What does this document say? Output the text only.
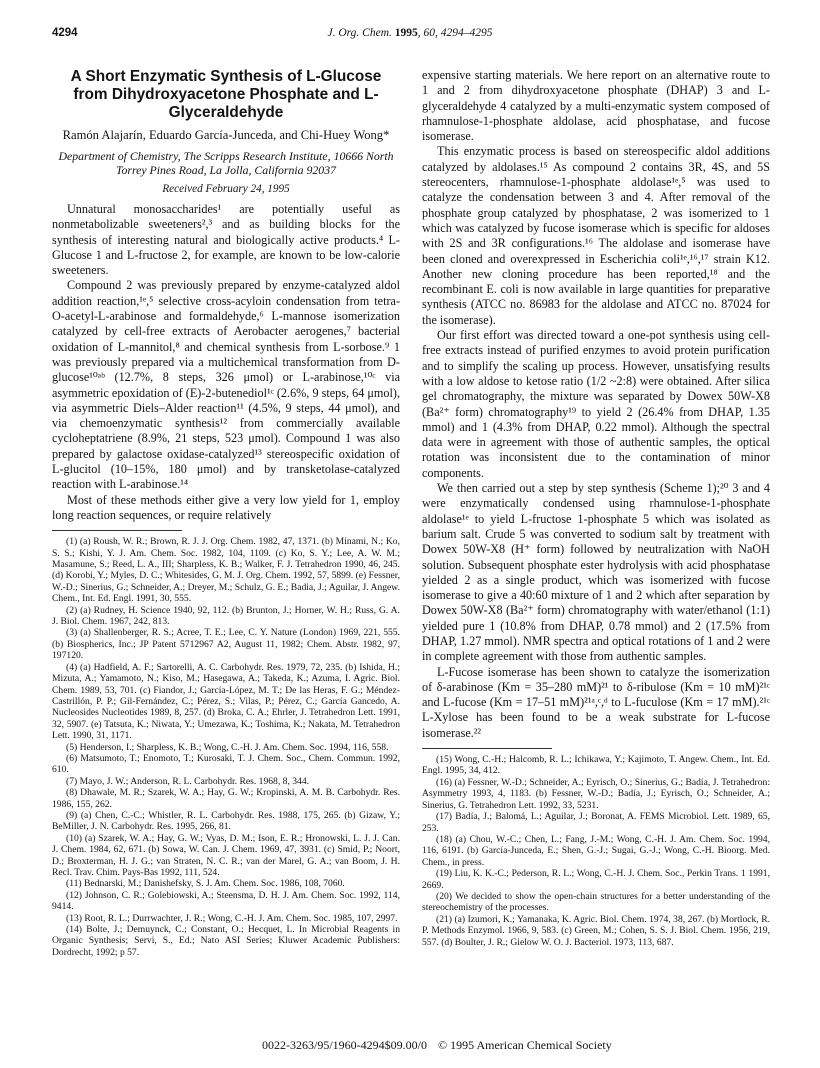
4294	J. Org. Chem. 1995, 60, 4294–4295
A Short Enzymatic Synthesis of L-Glucose from Dihydroxyacetone Phosphate and L-Glyceraldehyde
Ramón Alajarín, Eduardo García-Junceda, and Chi-Huey Wong*
Department of Chemistry, The Scripps Research Institute, 10666 North Torrey Pines Road, La Jolla, California 92037
Received February 24, 1995

Unnatural monosaccharides¹ are potentially useful as nonmetabolizable sweeteners²,³ and as building blocks for the synthesis of interesting natural and biologically active products.⁴ L-Glucose 1 and L-fructose 2, for example, are known to be low-calorie sweeteners.

Compound 2 was previously prepared by enzyme-catalyzed aldol addition reaction,¹ᵉ,⁵ selective cross-acyloin condensation from tetra-O-acetyl-L-arabinose and formaldehyde,⁶ L-mannose isomerization catalyzed by cell-free extracts of Aerobacter aerogenes,⁷ bacterial oxidation of L-mannitol,⁸ and chemical synthesis from L-sorbose.⁹ 1 was previously prepared via a multichemical transformation from D-glucose¹⁰ᵃᵇ (12.7%, 8 steps, 326 μmol) or L-arabinose,¹⁰ᶜ via asymmetric epoxidation of (E)-2-butenediol¹ᶜ (2.6%, 9 steps, 64 μmol), via asymmetric Diels–Alder reaction¹¹ (4.5%, 9 steps, 44 μmol), and via chemoenzymatic synthesis¹² from commercially available cycloheptatriene (8.9%, 21 steps, 523 μmol). Compound 1 was also prepared by galactose oxidase-catalyzed¹³ stereospecific oxidation of L-glucitol (10–15%, 180 μmol) and by transketolase-catalyzed reaction with L-arabinose.¹⁴

Most of these methods either give a very low yield for 1, employ long reaction sequences, or require relatively

(1) (a) Roush, W. R.; Brown, R. J. J. Org. Chem. 1982, 47, 1371. (b) Minami, N.; Ko, S. S.; Kishi, Y. J. Am. Chem. Soc. 1982, 104, 1109. (c) Ko, S. Y.; Lee, A. W. M.; Masamune, S.; Reed, L. A., III; Sharpless, K. B.; Walker, F. J. Tetrahedron 1990, 46, 245. (d) Korobi, Y.; Myles, D. C.; Whitesides, G. M. J. Org. Chem. 1992, 57, 5899. (e) Fessner, W.-D.; Sinerius, G.; Schneider, A.; Dreyer, M.; Schulz, G. E.; Badia, J.; Aguilar, J. Angew. Chem., Int. Ed. Engl. 1991, 30, 555.

(2) (a) Rudney, H. Science 1940, 92, 112. (b) Brunton, J.; Horner, W. H.; Russ, G. A. J. Biol. Chem. 1967, 242, 813.

(3) (a) Shallenberger, R. S.; Acree, T. E.; Lee, C. Y. Nature (London) 1969, 221, 555. (b) Biospherics, Inc.; JP Patent 5712967 A2, August 11, 1982; Chem. Abstr. 1982, 97, 197120.

(4) (a) Hadfield, A. F.; Sartorelli, A. C. Carbohydr. Res. 1979, 72, 235. (b) Ishida, H.; Mizuta, A.; Yamamoto, N.; Kiso, M.; Hasegawa, A.; Takeda, K.; Azuma, I. Agric. Biol. Chem. 1989, 53, 701. (c) Fiandor, J.; García-López, M. T.; De las Heras, F. G.; Méndez-Castrillón, P. P.; Gil-Fernández, C.; Pérez, S.; Vilas, P.; Pérez, C.; García Gancedo, A. Nucleosides Nucleotides 1989, 8, 257. (d) Broka, C. A.; Ehrler, J. Tetrahedron Lett. 1991, 32, 5907. (e) Tatsuta, K.; Niwata, Y.; Umezawa, K.; Toshima, K.; Nakata, M. Tetrahedron Lett. 1990, 31, 1171.

(5) Henderson, I.; Sharpless, K. B.; Wong, C.-H. J. Am. Chem. Soc. 1994, 116, 558.

(6) Matsumoto, T.; Enomoto, T.; Kurosaki, T. J. Chem. Soc., Chem. Commun. 1992, 610.

(7) Mayo, J. W.; Anderson, R. L. Carbohydr. Res. 1968, 8, 344.

(8) Dhawale, M. R.; Szarek, W. A.; Hay, G. W.; Kropinski, A. M. B. Carbohydr. Res. 1986, 155, 262.

(9) (a) Chen, C.-C.; Whistler, R. L. Carbohydr. Res. 1988, 175, 265. (b) Gizaw, Y.; BeMiller, J. N. Carbohydr. Res. 1995, 266, 81.

(10) (a) Szarek, W. A.; Hay, G. W.; Vyas, D. M.; Ison, E. R.; Hronowski, L. J. J. Can. J. Chem. 1984, 62, 671. (b) Sowa, W. Can. J. Chem. 1969, 47, 3931. (c) Smid, P.; Noort, D.; Broxterman, H. J. G.; van Straten, N. C. R.; van der Marel, G. A.; van Boom, J. H. Recl. Trav. Chim. Pays-Bas 1992, 111, 524.

(11) Bednarski, M.; Danishefsky, S. J. Am. Chem. Soc. 1986, 108, 7060.

(12) Johnson, C. R.; Golebiowski, A.; Steensma, D. H. J. Am. Chem. Soc. 1992, 114, 9414.

(13) Root, R. L.; Durrwachter, J. R.; Wong, C.-H. J. Am. Chem. Soc. 1985, 107, 2997.

(14) Bolte, J.; Demuynck, C.; Constant, O.; Hecquet, L. In Microbial Reagents in Organic Synthesis; Servi, S., Ed.; Nato ASI Series; Kluwer Academic Publishers: Dordrecht, 1992; p 57.

expensive starting materials. We here report on an alternative route to 1 and 2 from dihydroxyacetone phosphate (DHAP) 3 and L-glyceraldehyde 4 catalyzed by a multi-enzymatic system composed of rhamnulose-1-phosphate aldolase, acid phosphatase, and fucose isomerase.

This enzymatic process is based on stereospecific aldol additions catalyzed by aldolases.¹⁵ As compound 2 contains 3R, 4S, and 5S stereocenters, rhamnulose-1-phosphate aldolase¹ᵉ,⁵ was used to catalyze the condensation between 3 and 4. After removal of the phosphate group catalyzed by phosphatase, 2 was isomerized to 1 which was catalyzed by fucose isomerase which is specific for aldoses with 2S and 3R configurations.¹⁶ The aldolase and isomerase have been cloned and overexpressed in Escherichia coli¹ᵉ,¹⁶,¹⁷ strain K12. Another new cloning procedure has been reported,¹⁸ and the recombinant E. coli is now available in large quantities for preparative synthesis (ATCC no. 86983 for the aldolase and ATCC no. 87024 for the isomerase).

Our first effort was directed toward a one-pot synthesis using cell-free extracts instead of purified enzymes to avoid protein purification and to simplify the scaling up process. However, unsatisfying results with a low aldose to ketose ratio (1/2 ~2:8) were obtained. After silica gel chromatography, the mixture was separated by Dowex 50W-X8 (Ba²⁺ form) chromatography¹⁹ to yield 2 (26.4% from DHAP, 1.35 mmol) and 1 (4.3% from DHAP, 0.22 mmol). Although the spectral data were in agreement with those of authentic samples, the optical rotation was inconsistent due to the contamination of minor components.

We then carried out a step by step synthesis (Scheme 1);²⁰ 3 and 4 were enzymatically condensed using rhamnulose-1-phosphate aldolase¹ᵉ to yield L-fructose 1-phosphate 5 which was isolated as barium salt. Crude 5 was converted to sodium salt by treatment with Dowex 50W-X8 (H⁺ form) followed by neutralization with NaOH solution. Subsequent phosphate ester hydrolysis with acid phosphatase yielded 2 as a single product, which was isomerized with fucose isomerase to give a 40:60 mixture of 1 and 2 which after separation by Dowex 50W-X8 (Ba²⁺ form) chromatography with water/ethanol (1:1) yielded pure 1 (10.8% from DHAP, 0.78 mmol) and 2 (17.5% from DHAP, 1.27 mmol). NMR spectra and optical rotations of 1 and 2 were in complete agreement with those from authentic samples.

L-Fucose isomerase has been shown to catalyze the isomerization of δ-arabinose (Km = 35–280 mM)²¹ to δ-ribulose (Km = 10 mM)²¹ᶜ and L-fucose (Km = 17–51 mM)²¹ᵃ,ᶜ,ᵈ to L-fuculose (Km = 17 mM).²¹ᶜ L-Xylose has been found to be a weak substrate for L-fucose isomerase.²²

(15) Wong, C.-H.; Halcomb, R. L.; Ichikawa, Y.; Kajimoto, T. Angew. Chem., Int. Ed. Engl. 1995, 34, 412.

(16) (a) Fessner, W.-D.; Schneider, A.; Eyrisch, O.; Sinerius, G.; Badía, J. Tetrahedron: Asymmetry 1993, 4, 1183. (b) Fessner, W.-D.; Badía, J.; Eyrisch, O.; Schneider, A.; Sinerius, G. Tetrahedron Lett. 1992, 33, 5231.

(17) Badía, J.; Balomá, L.; Aguilar, J.; Boronat, A. FEMS Microbiol. Lett. 1989, 65, 253.

(18) (a) Chou, W.-C.; Chen, L.; Fang, J.-M.; Wong, C.-H. J. Am. Chem. Soc. 1994, 116, 6191. (b) García-Junceda, E.; Shen, G.-J.; Sugai, G.-J.; Wong, C.-H. Bioorg. Med. Chem., in press.

(19) Liu, K. K.-C.; Pederson, R. L.; Wong, C.-H. J. Chem. Soc., Perkin Trans. 1 1991, 2669.

(20) We decided to show the open-chain structures for a better understanding of the stereochemistry of the processes.

(21) (a) Izumori, K.; Yamanaka, K. Agric. Biol. Chem. 1974, 38, 267. (b) Mortlock, R. P. Methods Enzymol. 1966, 9, 583. (c) Green, M.; Cohen, S. S. J. Biol. Chem. 1956, 219, 557. (d) Boulter, J. R.; Gielow W. O. J. Bacteriol. 1973, 113, 687.

0022-3263/95/1960-4294$09.00/0 © 1995 American Chemical Society
